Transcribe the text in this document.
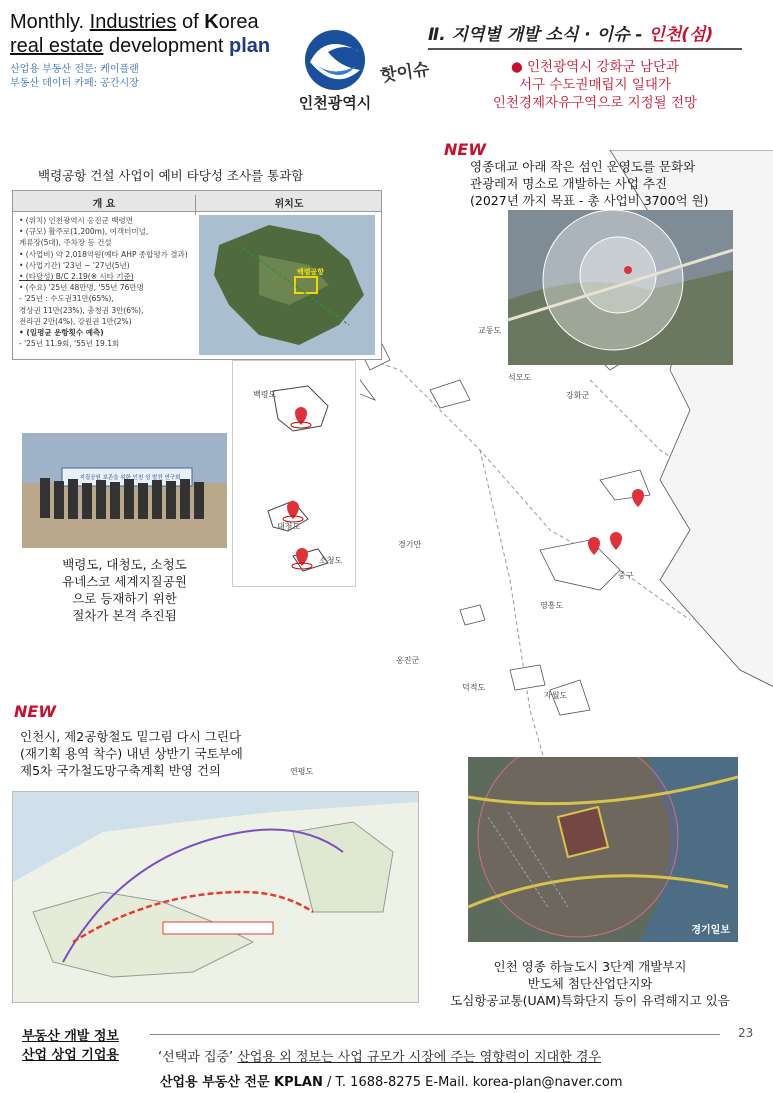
Monthly. Industries of Korea
real estate development plan
산업용 부동산 전문: 케이플랜
부동산 데이터 카페: 공간시장
인천광역시
핫이슈
Ⅱ. 지역별 개발 소식 · 이슈 - 인천(섬)
● 인천광역시 강화군 남단과
서구 수도권매립지 일대가
인천경제자유구역으로 지정될 전망
강화군
경기만
옹진군
중구
교동도
석모도
연평도
덕적도
영흥도
자월도
백령도
대청도
소청도
NEW
영종대교 아래 작은 섬인 운영도를 문화와
관광레저 명소로 개발하는 사업 추진
(2027년 까지 목표 - 총 사업비 3700억 원)
백령공항 건설 사업이 예비 타당성 조사를 통과함
개 요	위치도
• (위치) 인천광역시 옹진군 백령면
• (규모) 활주로(1,200m), 여객터미널,
계류장(5대), 주차장 등 건설
• (사업비) 약 2,018억원(예타 AHP 종합평가 결과)
• (사업기간) '23년 ~ '27년(5년)
• (타당성) B/C 2.19(※ 시타 기준)
• (수요) '25년 48만명, '55년 76만명
- '25년 : 수도권31만(65%),
경상권 11만(23%), 충청권 3만(6%),
전라권 2만(4%), 강원권 1만(2%)
• (일평균 운항횟수 예측)
- '25년 11.9회, '55년 19.1회
백령공항
지질공원 보존을 위한 인천 섬 발전 연구회
백령도, 대청도, 소청도
유네스코 세계지질공원
으로 등재하기 위한
절차가 본격 추진됨
NEW
인천시, 제2공항철도 밑그림 다시 그린다
(재기획 용역 착수) 내년 상반기 국토부에
제5차 국가철도망구축계획 반영 건의
경기일보
인천 영종 하늘도시 3단계 개발부지
반도체 첨단산업단지와
도심항공교통(UAM)특화단지 등이 유력해지고 있음
부동산 개발 정보
산업 상업 기업용
23
‘선택과 집중’ 산업용 외 정보는 사업 규모가 시장에 주는 영향력이 지대한 경우
산업용 부동산 전문 KPLAN / T. 1688-8275 E-Mail. korea-plan@naver.com
